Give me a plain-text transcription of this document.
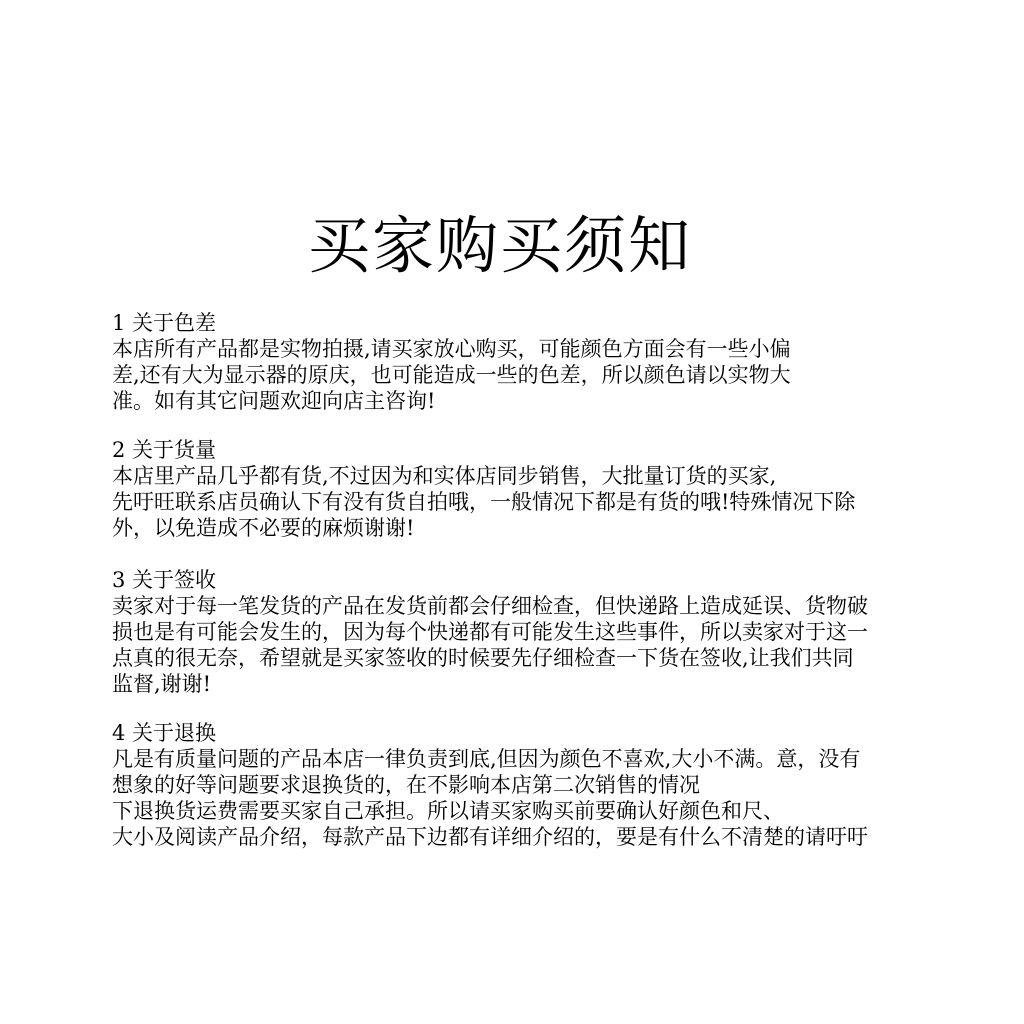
买家购买须知
1 关于色差
本店所有产品都是实物拍摄,请买家放心购买，可能颜色方面会有一些小偏
差,还有大为显示器的原庆，也可能造成一些的色差，所以颜色请以实物大
准。如有其它问题欢迎向店主咨询!
2 关于货量
本店里产品几乎都有货,不过因为和实体店同步销售，大批量订货的买家,
先吁旺联系店员确认下有没有货自拍哦，一般情况下都是有货的哦!特殊情况下除
外，以免造成不必要的麻烦谢谢!
3 关于签收
卖家对于每一笔发货的产品在发货前都会仔细检查，但快递路上造成延误、货物破
损也是有可能会发生的，因为每个快递都有可能发生这些事件，所以卖家对于这一
点真的很无奈，希望就是买家签收的时候要先仔细检查一下货在签收,让我们共同
监督,谢谢!
4 关于退换
凡是有质量问题的产品本店一律负责到底,但因为颜色不喜欢,大小不满。意，没有
想象的好等问题要求退换货的，在不影响本店第二次销售的情况
下退换货运费需要买家自己承担。所以请买家购买前要确认好颜色和尺、
大小及阅读产品介绍，每款产品下边都有详细介绍的，要是有什么不清楚的请吁吁
